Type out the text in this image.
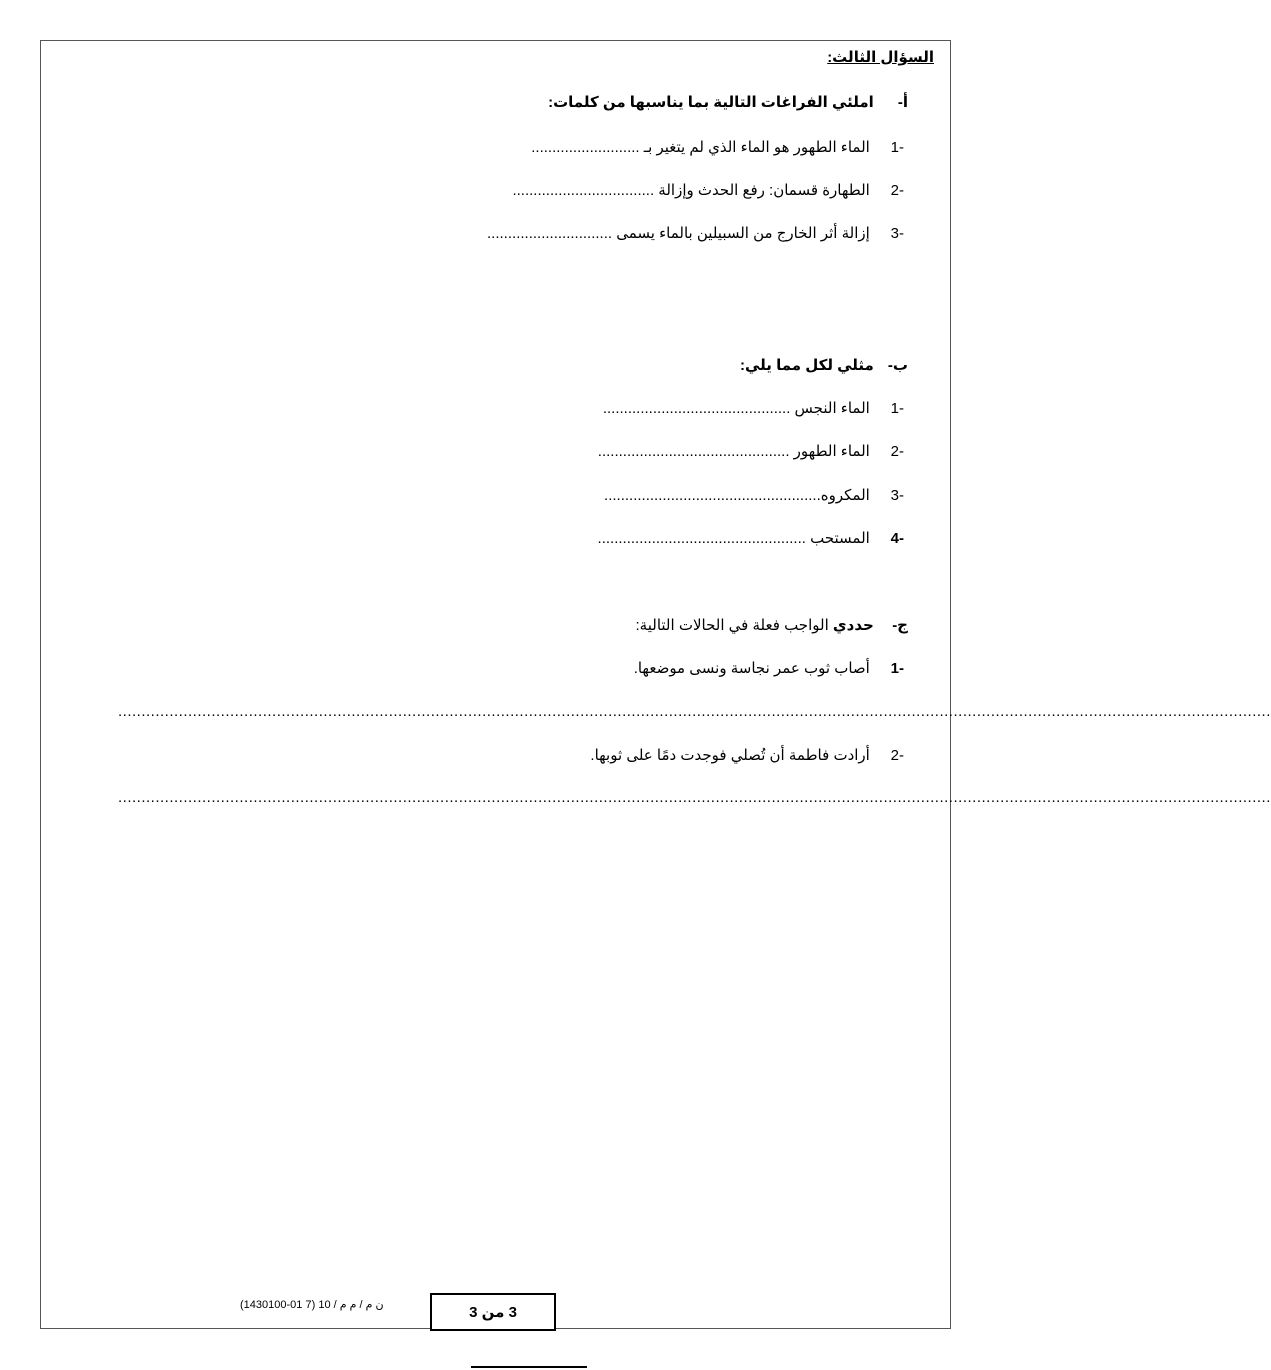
السؤال الثالث:
أ- املئي الفراغات التالية بما يناسبها من كلمات:
-1 الماء الطهور هو الماء الذي لم يتغير بـ ..........................
-2 الطهارة قسمان: رفع الحدث وإزالة ..................................
-3 إزالة أثر الخارج من السبيلين بالماء يسمى ..............................
ب- مثلي لكل مما يلي:
-1 الماء النجس .............................................
-2 الماء الطهور ..............................................
-3 المكروه....................................................
-4 المستحب ..................................................
ج- حددي الواجب فعلة في الحالات التالية:
-1 أصاب ثوب عمر نجاسة ونسى موضعها.
.......................................................................................................................................................................................................................................................
-2 أرادت فاطمة أن تُصلي فوجدت دمًا على ثوبها.
.......................................................................................................................................................................................................................................................
ن م / م م / 10 (7 01-1430100)	3 من 3
